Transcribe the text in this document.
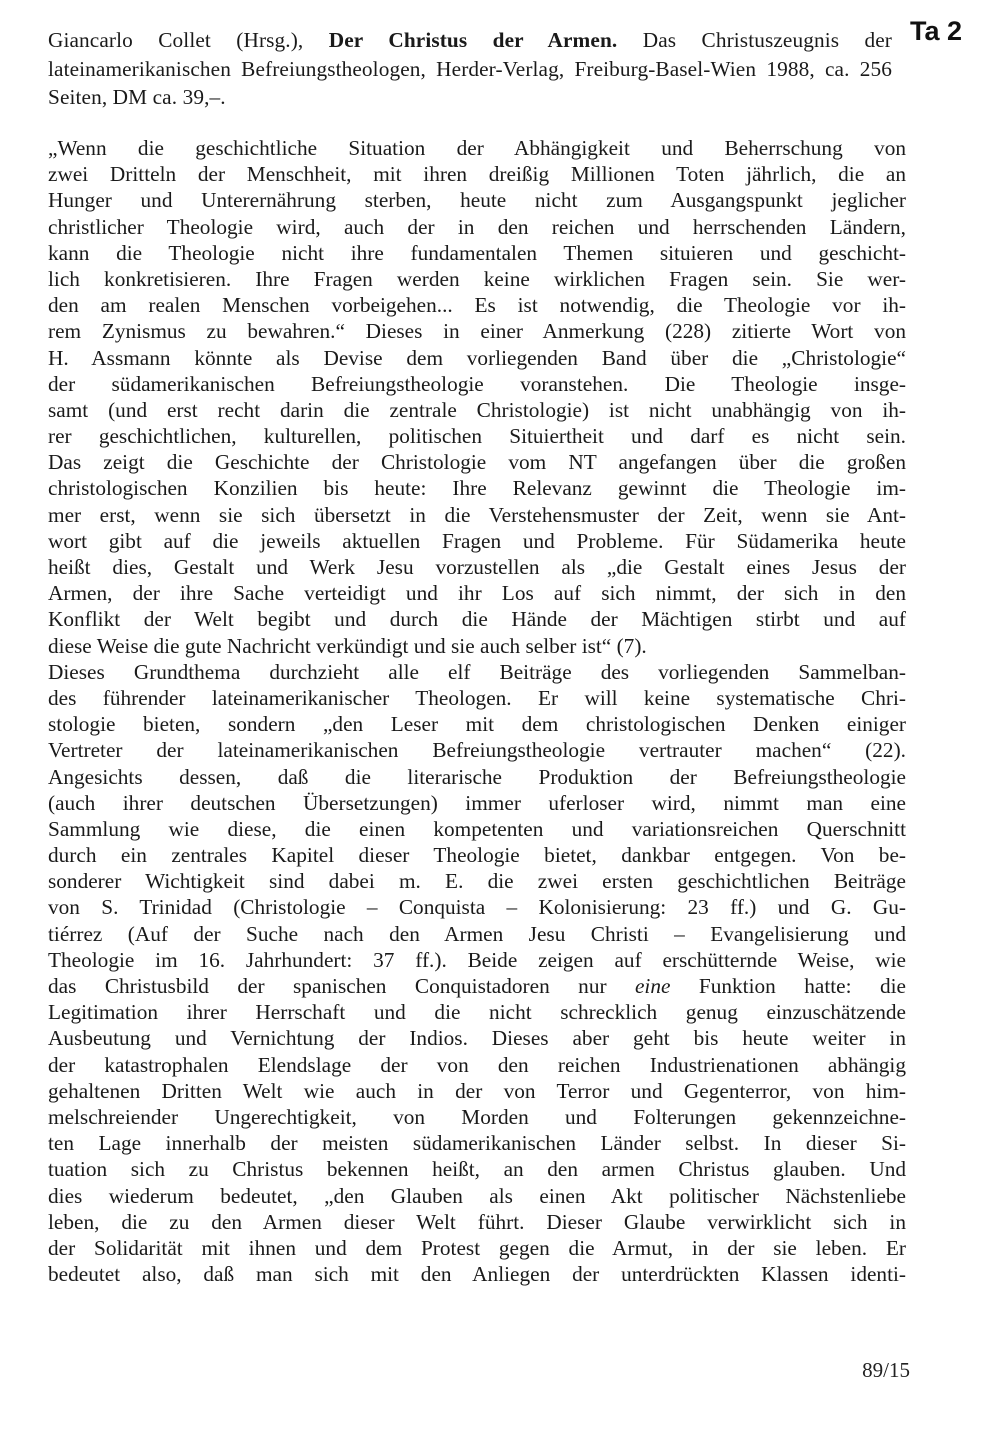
Ta 2
Giancarlo Collet (Hrsg.), Der Christus der Armen. Das Christuszeugnis der lateinamerikanischen Befreiungstheologen, Herder-Verlag, Freiburg-Basel-Wien 1988, ca. 256 Seiten, DM ca. 39,–.
„Wenn die geschichtliche Situation der Abhängigkeit und Beherrschung von
zwei Dritteln der Menschheit, mit ihren dreißig Millionen Toten jährlich, die an
Hunger und Unterernährung sterben, heute nicht zum Ausgangspunkt jeglicher
christlicher Theologie wird, auch der in den reichen und herrschenden Ländern,
kann die Theologie nicht ihre fundamentalen Themen situieren und geschicht-
lich konkretisieren. Ihre Fragen werden keine wirklichen Fragen sein. Sie wer-
den am realen Menschen vorbeigehen... Es ist notwendig, die Theologie vor ih-
rem Zynismus zu bewahren.“ Dieses in einer Anmerkung (228) zitierte Wort von
H. Assmann könnte als Devise dem vorliegenden Band über die „Christologie“
der südamerikanischen Befreiungstheologie voranstehen. Die Theologie insge-
samt (und erst recht darin die zentrale Christologie) ist nicht unabhängig von ih-
rer geschichtlichen, kulturellen, politischen Situiertheit und darf es nicht sein.
Das zeigt die Geschichte der Christologie vom NT angefangen über die großen
christologischen Konzilien bis heute: Ihre Relevanz gewinnt die Theologie im-
mer erst, wenn sie sich übersetzt in die Verstehensmuster der Zeit, wenn sie Ant-
wort gibt auf die jeweils aktuellen Fragen und Probleme. Für Südamerika heute
heißt dies, Gestalt und Werk Jesu vorzustellen als „die Gestalt eines Jesus der
Armen, der ihre Sache verteidigt und ihr Los auf sich nimmt, der sich in den
Konflikt der Welt begibt und durch die Hände der Mächtigen stirbt und auf
diese Weise die gute Nachricht verkündigt und sie auch selber ist“ (7).
Dieses Grundthema durchzieht alle elf Beiträge des vorliegenden Sammelban-
des führender lateinamerikanischer Theologen. Er will keine systematische Chri-
stologie bieten, sondern „den Leser mit dem christologischen Denken einiger
Vertreter der lateinamerikanischen Befreiungstheologie vertrauter machen“ (22).
Angesichts dessen, daß die literarische Produktion der Befreiungstheologie
(auch ihrer deutschen Übersetzungen) immer uferloser wird, nimmt man eine
Sammlung wie diese, die einen kompetenten und variationsreichen Querschnitt
durch ein zentrales Kapitel dieser Theologie bietet, dankbar entgegen. Von be-
sonderer Wichtigkeit sind dabei m. E. die zwei ersten geschichtlichen Beiträge
von S. Trinidad (Christologie – Conquista – Kolonisierung: 23 ff.) und G. Gu-
tiérrez (Auf der Suche nach den Armen Jesu Christi – Evangelisierung und
Theologie im 16. Jahrhundert: 37 ff.). Beide zeigen auf erschütternde Weise, wie
das Christusbild der spanischen Conquistadoren nur eine Funktion hatte: die
Legitimation ihrer Herrschaft und die nicht schrecklich genug einzuschätzende
Ausbeutung und Vernichtung der Indios. Dieses aber geht bis heute weiter in
der katastrophalen Elendslage der von den reichen Industrienationen abhängig
gehaltenen Dritten Welt wie auch in der von Terror und Gegenterror, von him-
melschreiender Ungerechtigkeit, von Morden und Folterungen gekennzeichne-
ten Lage innerhalb der meisten südamerikanischen Länder selbst. In dieser Si-
tuation sich zu Christus bekennen heißt, an den armen Christus glauben. Und
dies wiederum bedeutet, „den Glauben als einen Akt politischer Nächstenliebe
leben, die zu den Armen dieser Welt führt. Dieser Glaube verwirklicht sich in
der Solidarität mit ihnen und dem Protest gegen die Armut, in der sie leben. Er
bedeutet also, daß man sich mit den Anliegen der unterdrückten Klassen identi-
89/15
